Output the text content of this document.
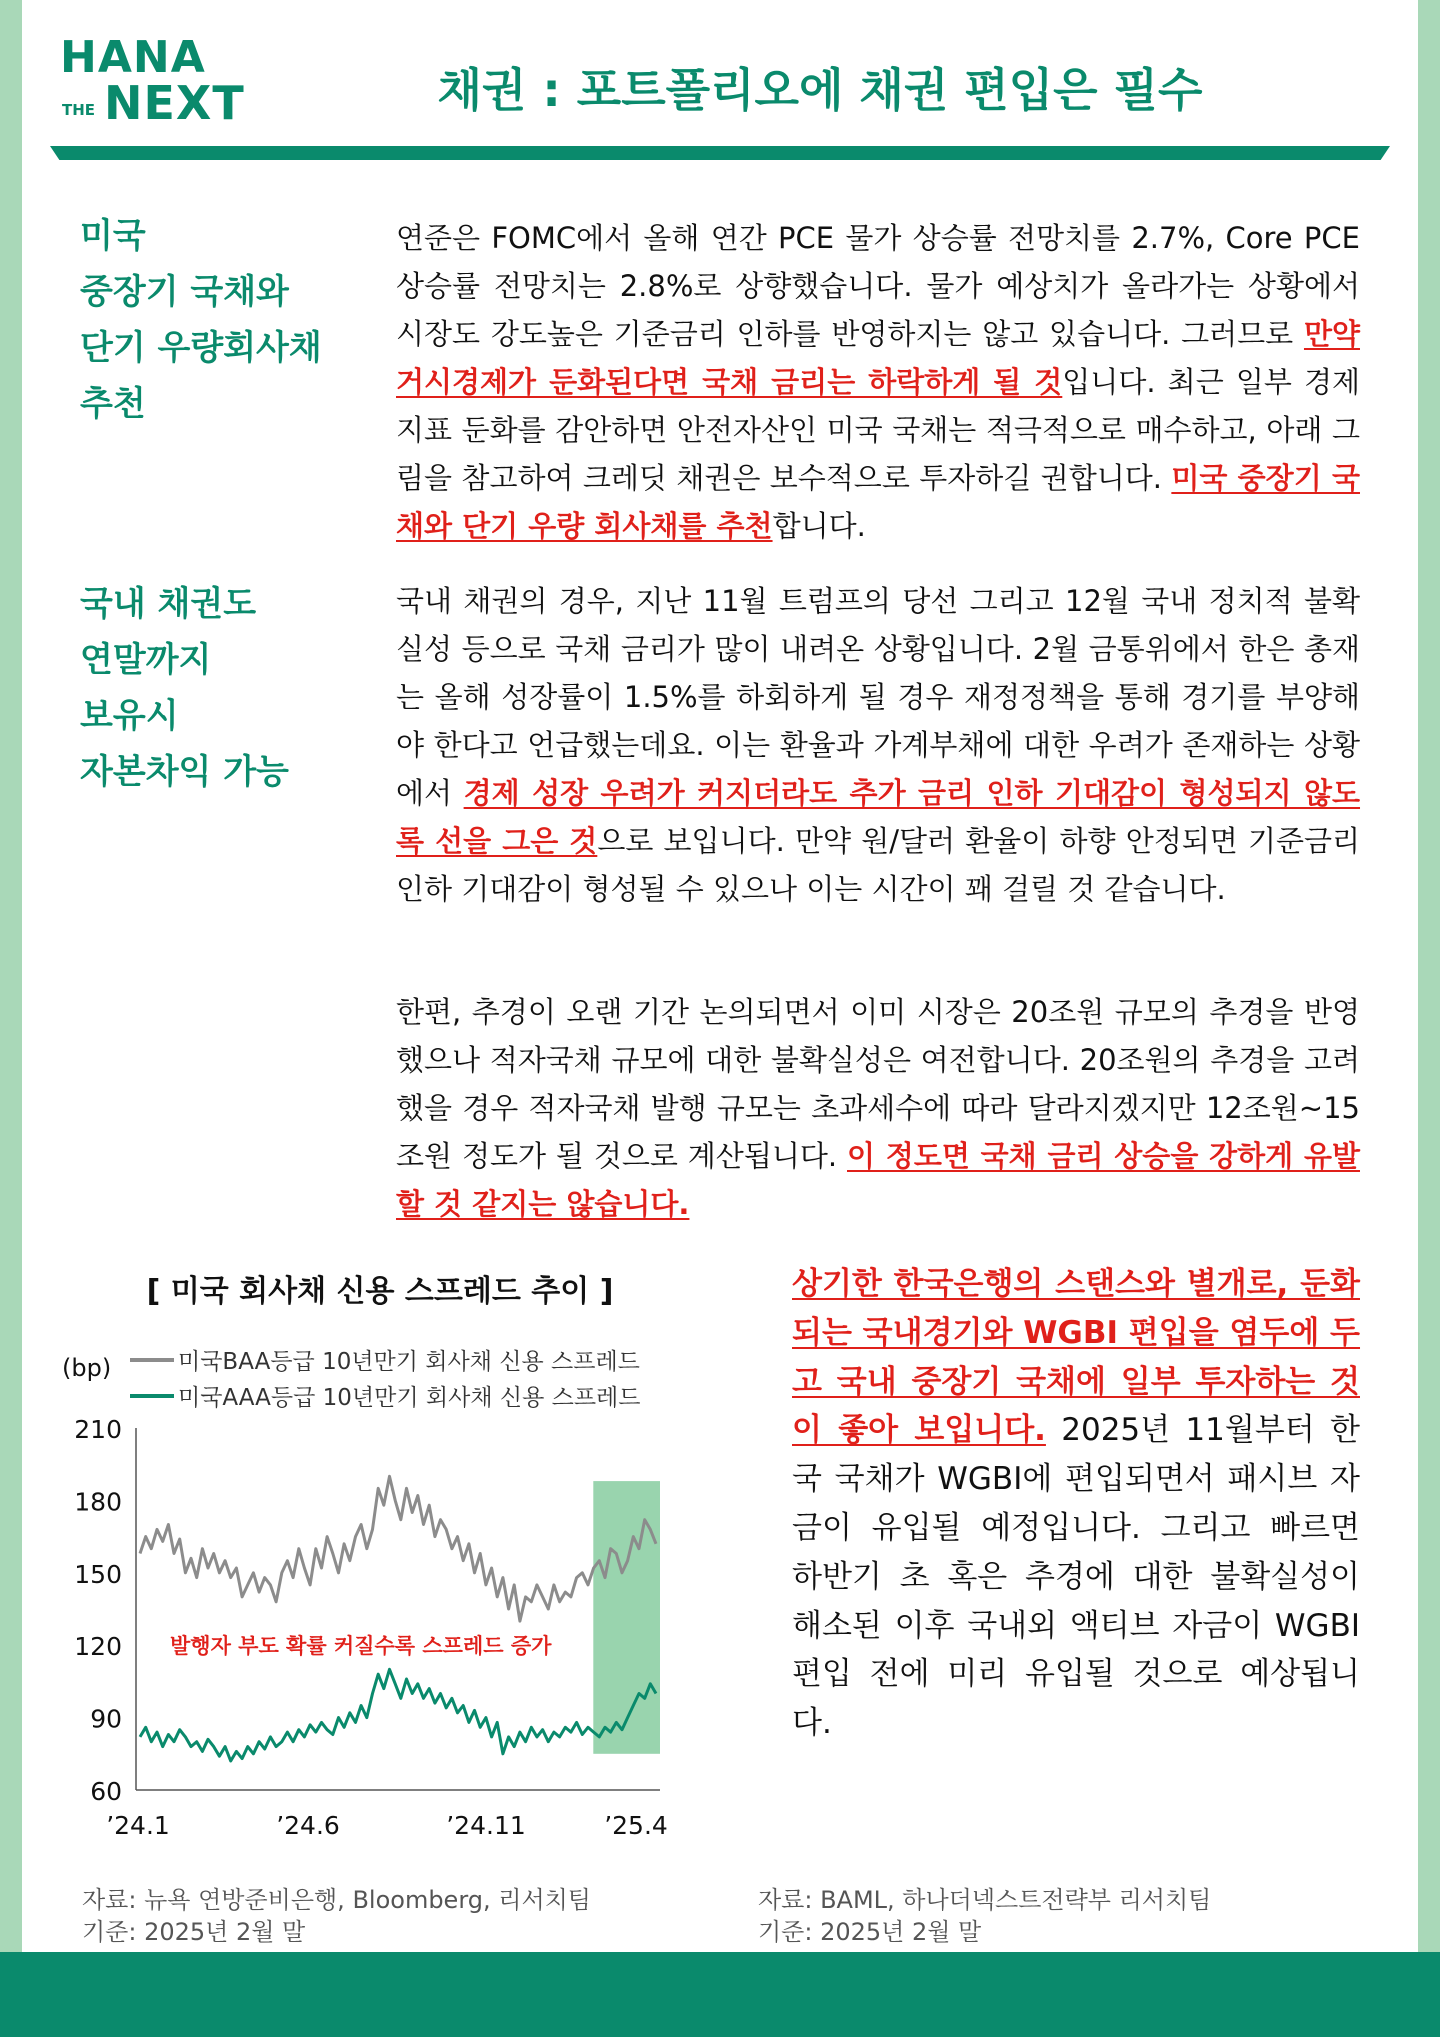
HANA
THE NEXT	채권 : 포트폴리오에 채권 편입은 필수
미국
중장기 국채와
단기 우량회사채
추천
연준은 FOMC에서 올해 연간 PCE 물가 상승률 전망치를 2.7%, Core PCE 상승률 전망치는 2.8%로 상향했습니다. 물가 예상치가 올라가는 상황에서 시장도 강도높은 기준금리 인하를 반영하지는 않고 있습니다. 그러므로 만약 거시경제가 둔화된다면 국채 금리는 하락하게 될 것입니다. 최근 일부 경제 지표 둔화를 감안하면 안전자산인 미국 국채는 적극적으로 매수하고, 아래 그림을 참고하여 크레딧 채권은 보수적으로 투자하길 권합니다. 미국 중장기 국채와 단기 우량 회사채를 추천합니다.
국내 채권도
연말까지
보유시
자본차익 가능
국내 채권의 경우, 지난 11월 트럼프의 당선 그리고 12월 국내 정치적 불확실성 등으로 국채 금리가 많이 내려온 상황입니다. 2월 금통위에서 한은 총재는 올해 성장률이 1.5%를 하회하게 될 경우 재정정책을 통해 경기를 부양해야 한다고 언급했는데요. 이는 환율과 가계부채에 대한 우려가 존재하는 상황에서 경제 성장 우려가 커지더라도 추가 금리 인하 기대감이 형성되지 않도록 선을 그은 것으로 보입니다. 만약 원/달러 환율이 하향 안정되면 기준금리 인하 기대감이 형성될 수 있으나 이는 시간이 꽤 걸릴 것 같습니다.
한편, 추경이 오랜 기간 논의되면서 이미 시장은 20조원 규모의 추경을 반영했으나 적자국채 규모에 대한 불확실성은 여전합니다. 20조원의 추경을 고려했을 경우 적자국채 발행 규모는 초과세수에 따라 달라지겠지만 12조원~15조원 정도가 될 것으로 계산됩니다. 이 정도면 국채 금리 상승을 강하게 유발할 것 같지는 않습니다.
[ 미국 회사채 신용 스프레드 추이 ]
60
90
120
150
180
210
’24.1	’24.6	’24.11	’25.4
(bp)	미국BAA등급 10년만기 회사채 신용 스프레드
미국AAA등급 10년만기 회사채 신용 스프레드
발행자 부도 확률 커질수록 스프레드 증가
상기한 한국은행의 스탠스와 별개로, 둔화되는 국내경기와 WGBI 편입을 염두에 두고 국내 중장기 국채에 일부 투자하는 것이 좋아 보입니다. 2025년 11월부터 한국 국채가 WGBI에 편입되면서 패시브 자금이 유입될 예정입니다. 그리고 빠르면 하반기 초 혹은 추경에 대한 불확실성이 해소된 이후 국내외 액티브 자금이 WGBI 편입 전에 미리 유입될 것으로 예상됩니다.
자료: 뉴욕 연방준비은행, Bloomberg, 리서치팀
기준: 2025년 2월 말
자료: BAML, 하나더넥스트전략부 리서치팀
기준: 2025년 2월 말
